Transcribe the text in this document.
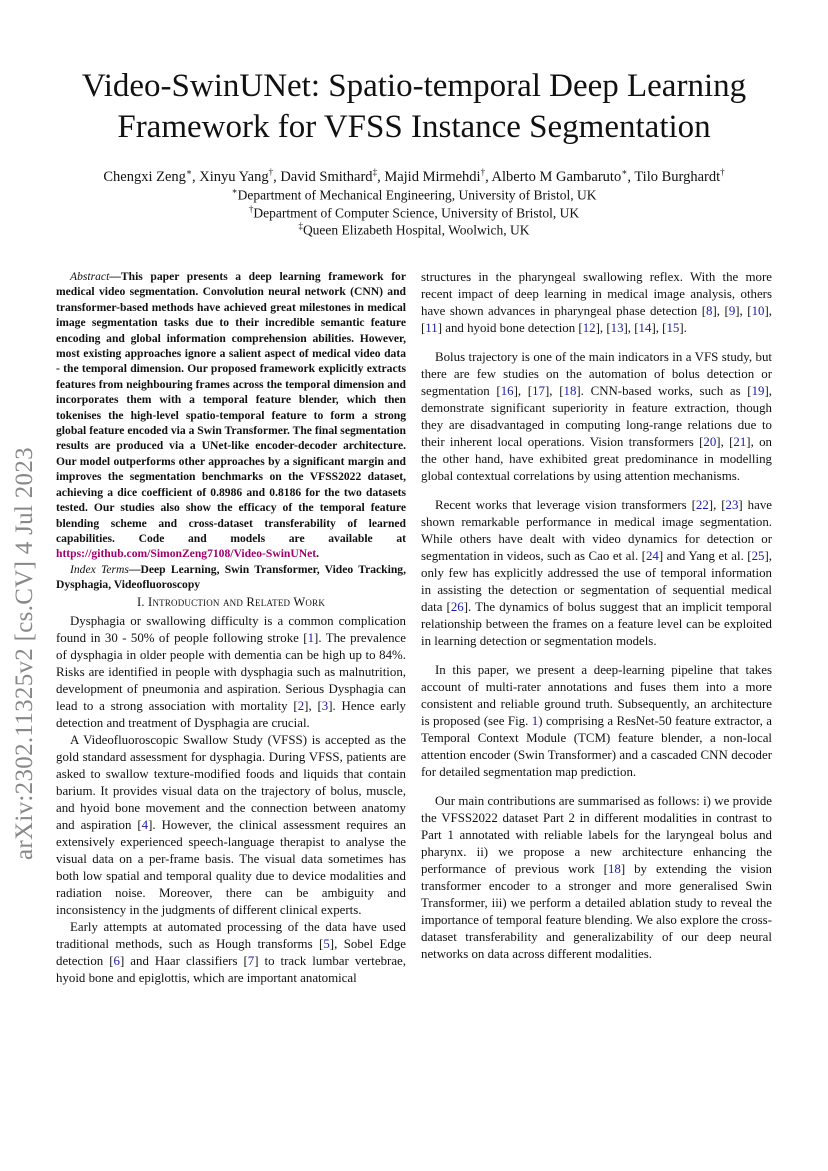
arXiv:2302.11325v2 [cs.CV] 4 Jul 2023
Video-SwinUNet: Spatio-temporal Deep Learning
Framework for VFSS Instance Segmentation
Chengxi Zeng∗, Xinyu Yang†, David Smithard‡, Majid Mirmehdi†, Alberto M Gambaruto∗, Tilo Burghardt†
∗Department of Mechanical Engineering, University of Bristol, UK
†Department of Computer Science, University of Bristol, UK
‡Queen Elizabeth Hospital, Woolwich, UK

Abstract—This paper presents a deep learning framework for medical video segmentation. Convolution neural network (CNN) and transformer-based methods have achieved great milestones in medical image segmentation tasks due to their incredible semantic feature encoding and global information comprehension abilities. However, most existing approaches ignore a salient aspect of medical video data - the temporal dimension. Our proposed framework explicitly extracts features from neighbouring frames across the temporal dimension and incorporates them with a temporal feature blender, which then tokenises the high-level spatio-temporal feature to form a strong global feature encoded via a Swin Transformer. The final segmentation results are produced via a UNet-like encoder-decoder architecture. Our model outperforms other approaches by a significant margin and improves the segmentation benchmarks on the VFSS2022 dataset, achieving a dice coefficient of 0.8986 and 0.8186 for the two datasets tested. Our studies also show the efficacy of the temporal feature blending scheme and cross-dataset transferability of learned capabilities. Code and models are available at https://github.com/SimonZeng7108/Video-SwinUNet.

Index Terms—Deep Learning, Swin Transformer, Video Tracking, Dysphagia, Videofluoroscopy

I. Introduction and Related Work

Dysphagia or swallowing difficulty is a common complication found in 30 - 50% of people following stroke [1]. The prevalence of dysphagia in older people with dementia can be high up to 84%. Risks are identified in people with dysphagia such as malnutrition, development of pneumonia and aspiration. Serious Dysphagia can lead to a strong association with mortality [2], [3]. Hence early detection and treatment of Dysphagia are crucial.

A Videofluoroscopic Swallow Study (VFSS) is accepted as the gold standard assessment for dysphagia. During VFSS, patients are asked to swallow texture-modified foods and liquids that contain barium. It provides visual data on the trajectory of bolus, muscle, and hyoid bone movement and the connection between anatomy and aspiration [4]. However, the clinical assessment requires an extensively experienced speech-language therapist to analyse the visual data on a per-frame basis. The visual data sometimes has both low spatial and temporal quality due to device modalities and radiation noise. Moreover, there can be ambiguity and inconsistency in the judgments of different clinical experts.

Early attempts at automated processing of the data have used traditional methods, such as Hough transforms [5], Sobel Edge detection [6] and Haar classifiers [7] to track lumbar vertebrae, hyoid bone and epiglottis, which are important anatomical

structures in the pharyngeal swallowing reflex. With the more recent impact of deep learning in medical image analysis, others have shown advances in pharyngeal phase detection [8], [9], [10], [11] and hyoid bone detection [12], [13], [14], [15].

Bolus trajectory is one of the main indicators in a VFS study, but there are few studies on the automation of bolus detection or segmentation [16], [17], [18]. CNN-based works, such as [19], demonstrate significant superiority in feature extraction, though they are disadvantaged in computing long-range relations due to their inherent local operations. Vision transformers [20], [21], on the other hand, have exhibited great predominance in modelling global contextual correlations by using attention mechanisms.

Recent works that leverage vision transformers [22], [23] have shown remarkable performance in medical image segmentation. While others have dealt with video dynamics for detection or segmentation in videos, such as Cao et al. [24] and Yang et al. [25], only few has explicitly addressed the use of temporal information in assisting the detection or segmentation of sequential medical data [26]. The dynamics of bolus suggest that an implicit temporal relationship between the frames on a feature level can be exploited in learning detection or segmentation models.

In this paper, we present a deep-learning pipeline that takes account of multi-rater annotations and fuses them into a more consistent and reliable ground truth. Subsequently, an architecture is proposed (see Fig. 1) comprising a ResNet-50 feature extractor, a Temporal Context Module (TCM) feature blender, a non-local attention encoder (Swin Transformer) and a cascaded CNN decoder for detailed segmentation map prediction.

Our main contributions are summarised as follows: i) we provide the VFSS2022 dataset Part 2 in different modalities in contrast to Part 1 annotated with reliable labels for the laryngeal bolus and pharynx. ii) we propose a new architecture enhancing the performance of previous work [18] by extending the vision transformer encoder to a stronger and more generalised Swin Transformer, iii) we perform a detailed ablation study to reveal the importance of temporal feature blending. We also explore the cross-dataset transferability and generalizability of our deep neural networks on data across different modalities.
